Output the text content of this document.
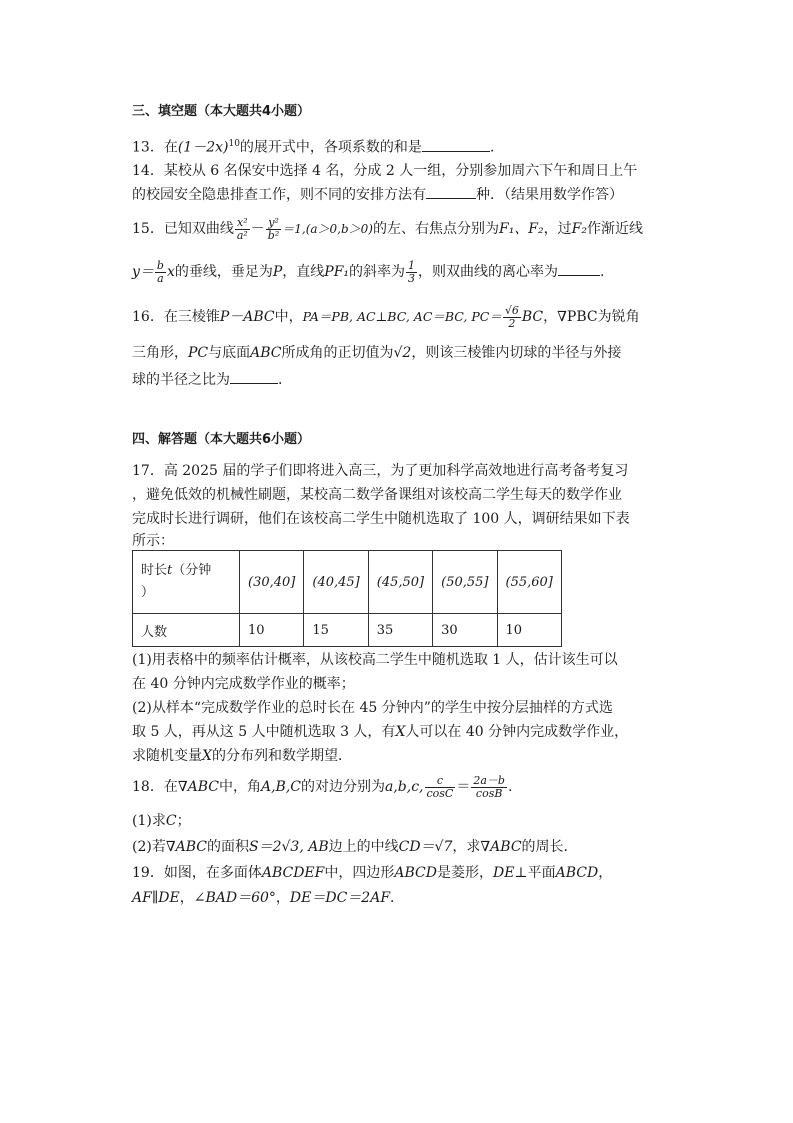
三、填空题（本大题共4小题）
13．在$(1-2x)^{10}$的展开式中，各项系数的和是	.
14．某校从 6 名保安中选择 4 名，分成 2 人一组，分别参加周六下午和周日上午
的校园安全隐患排查工作，则不同的安排方法有	种．（结果用数学作答）
15．已知双曲线 $\frac{\text{x²}}{\text{a²}} - \frac{\text{y²}}{\text{b²}} =1,(a>0,b>0)$的左、右焦点分别为F₁、F₂，过F₂作渐近线
$y= \frac{b}{a}$ x的垂线，垂足为P，直线PF₁的斜率为 $\frac{1}{3}$ ，则双曲线的离心率为	.
16．在三棱锥P－ABC中，PA＝PB, AC⊥BC, AC＝BC, $PC= \frac{√6}{2}$ BC，∇PBC为锐角
三角形，PC与底面ABC所成角的正切值为√2，则该三棱锥内切球的半径与外接
球的半径之比为	.
四、解答题（本大题共6小题）
17．高 2025 届的学子们即将进入高三，为了更加科学高效地进行高考备考复习
，避免低效的机械性刷题，某校高二数学备课组对该校高二学生每天的数学作业
完成时长进行调研，他们在该校高二学生中随机选取了 100 人，调研结果如下表
所示：
时长t（分钟
）	(30,40]	(40,45]	(45,50]	(50,55]	(55,60]
人数	10	15	35	30	10
(1)用表格中的频率估计概率，从该校高二学生中随机选取 1 人，估计该生可以
在 40 分钟内完成数学作业的概率；
(2)从样本“完成数学作业的总时长在 45 分钟内”的学生中按分层抽样的方式选
取 5 人，再从这 5 人中随机选取 3 人，有X人可以在 40 分钟内完成数学作业，
求随机变量X的分布列和数学期望．
18．在∇ABC中，角A,B,C的对边分别为a,b,c, $\frac{c}{\cos C} = \frac{2a-b}{\cos B}$ .
(1)求C；
(2)若∇ABC的面积S＝2√3, AB边上的中线CD＝√7，求∇ABC的周长．
19．如图，在多面体ABCDEF中，四边形ABCD是菱形，DE⊥平面ABCD，
AF∥DE，∠BAD＝60°，DE＝DC＝2AF．
